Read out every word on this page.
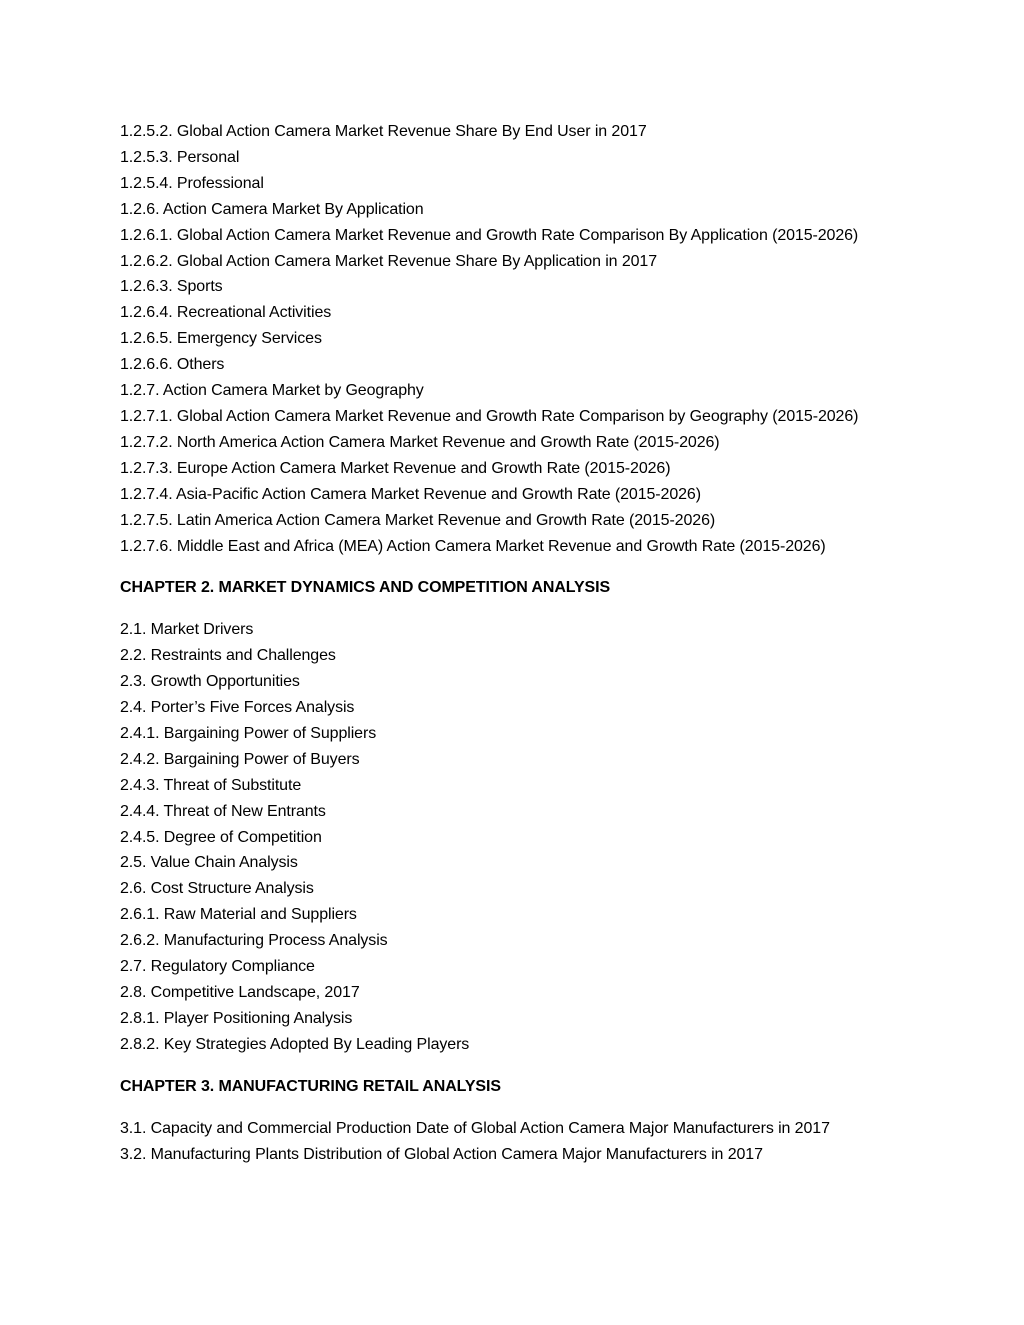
1.2.5.2. Global Action Camera Market Revenue Share By End User in 2017

1.2.5.3. Personal

1.2.5.4. Professional

1.2.6. Action Camera Market By Application

1.2.6.1. Global Action Camera Market Revenue and Growth Rate Comparison By Application (2015-2026)

1.2.6.2. Global Action Camera Market Revenue Share By Application in 2017

1.2.6.3. Sports

1.2.6.4. Recreational Activities

1.2.6.5. Emergency Services

1.2.6.6. Others

1.2.7. Action Camera Market by Geography

1.2.7.1. Global Action Camera Market Revenue and Growth Rate Comparison by Geography (2015-2026)

1.2.7.2. North America Action Camera Market Revenue and Growth Rate (2015-2026)

1.2.7.3. Europe Action Camera Market Revenue and Growth Rate (2015-2026)

1.2.7.4. Asia-Pacific Action Camera Market Revenue and Growth Rate (2015-2026)

1.2.7.5. Latin America Action Camera Market Revenue and Growth Rate (2015-2026)

1.2.7.6. Middle East and Africa (MEA) Action Camera Market Revenue and Growth Rate (2015-2026)

CHAPTER 2. MARKET DYNAMICS AND COMPETITION ANALYSIS

2.1. Market Drivers

2.2. Restraints and Challenges

2.3. Growth Opportunities

2.4. Porter’s Five Forces Analysis

2.4.1. Bargaining Power of Suppliers

2.4.2. Bargaining Power of Buyers

2.4.3. Threat of Substitute

2.4.4. Threat of New Entrants

2.4.5. Degree of Competition

2.5. Value Chain Analysis

2.6. Cost Structure Analysis

2.6.1. Raw Material and Suppliers

2.6.2. Manufacturing Process Analysis

2.7. Regulatory Compliance

2.8. Competitive Landscape, 2017

2.8.1. Player Positioning Analysis

2.8.2. Key Strategies Adopted By Leading Players

CHAPTER 3. MANUFACTURING RETAIL ANALYSIS

3.1. Capacity and Commercial Production Date of Global Action Camera Major Manufacturers in 2017

3.2. Manufacturing Plants Distribution of Global Action Camera Major Manufacturers in 2017
